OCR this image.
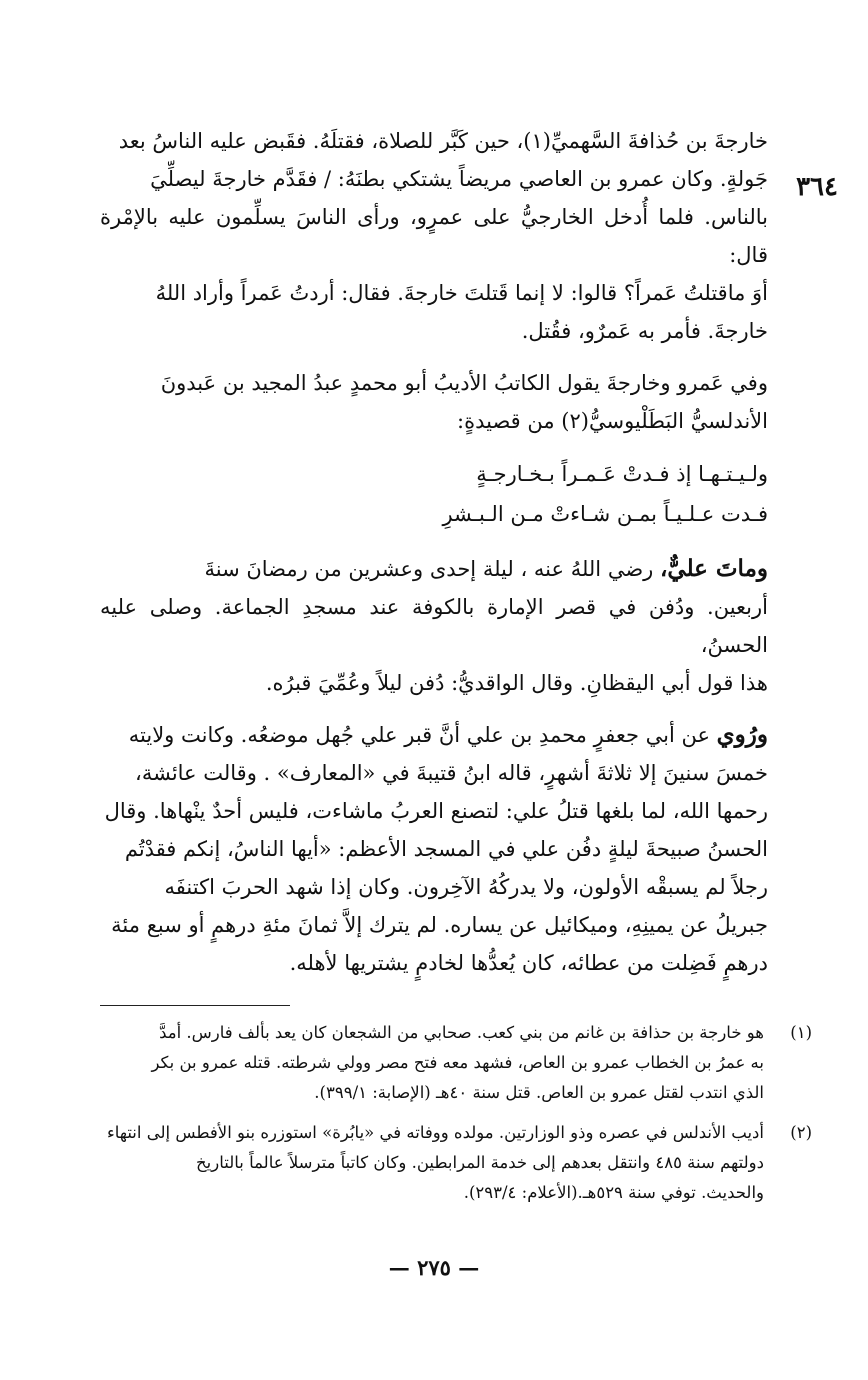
٣٦٤

خارجةَ بن حُذافةَ السَّهميِّ(١)، حين كَبَّر للصلاة، فقتلَهُ. فقَبض عليه الناسُ بعد

جَولةٍ. وكان عمرو بن العاصي مريضاً يشتكي بطنَهُ: / فقَدَّم خارجةَ ليصلِّيَ

بالناس. فلما أُدخل الخارجيُّ على عمرٍو، ورأى الناسَ يسلِّمون عليه بالإمْرة قال:

أوَ ماقتلتُ عَمراً؟ قالوا: لا إنما قَتلتَ خارجةَ. فقال: أردتُ عَمراً وأراد اللهُ

خارجةَ. فأمر به عَمرٌو، فقُتل.

وفي عَمرو وخارجةَ يقول الكاتبُ الأديبُ أبو محمدٍ عبدُ المجيد بن عَبدونَ

الأندلسيُّ البَطَلْيوسيُّ(٢) من قصيدةٍ:

ولـيـتـهـا إذ فـدتْ عَـمـراً بـخـارجـةٍ
فـدت عـلـيـاً بمـن شـاءتْ مـن الـبـشرِ

وماتَ عليٌّ، رضي اللهُ عنه ، ليلة إحدى وعشرين من رمضانَ سنةَ

أربعين. ودُفن في قصر الإمارة بالكوفة عند مسجدِ الجماعة. وصلى عليه الحسنُ،

هذا قول أبي اليقظانِ. وقال الواقديُّ: دُفن ليلاً وعُمِّيَ قبرُه.

ورُوي عن أبي جعفرٍ محمدِ بن علي أنَّ قبر علي جُهل موضعُه. وكانت ولايته

خمسَ سنينَ إلا ثلاثةَ أشهرٍ، قاله ابنُ قتيبةَ في «المعارف» . وقالت عائشة،

رحمها الله، لما بلغها قتلُ علي: لتصنع العربُ ماشاءت، فليس أحدٌ ينْهاها. وقال

الحسنُ صبيحةَ ليلةٍ دفُن علي في المسجد الأعظم: «أيها الناسُ، إنكم فقدْتُم

رجلاً لم يسبقْه الأولون، ولا يدركُهُ الآخِرون. وكان إذا شهد الحربَ اكتنفَه

جبريلُ عن يمينِهِ، وميكائيل عن يساره. لم يترك إلاَّ ثمانَ مئةِ درهمٍ أو سبع مئة

درهمٍ فَضِلت من عطائه، كان يُعدُّها لخادمٍ يشتريها لأهله.

(١)
هو خارجة بن حذافة بن غانم من بني كعب. صحابي من الشجعان كان يعد بألف فارس. أمدَّ
به عمرُ بن الخطاب عمرو بن العاص، فشهد معه فتح مصر وولي شرطته. قتله عمرو بن بكر
الذي انتدب لقتل عمرو بن العاص. قتل سنة ٤٠هـ (الإصابة: ٣٩٩/١).
(٢)
أديب الأندلس في عصره وذو الوزارتين. مولده ووفاته في «يابُرة» استوزره بنو الأفطس إلى انتهاء
دولتهم سنة ٤٨٥ وانتقل بعدهم إلى خدمة المرابطين. وكان كاتباً مترسلاً عالماً بالتاريخ
والحديث. توفي سنة ٥٢٩هـ.(الأعلام: ٢٩٣/٤).
— ٢٧٥ —
